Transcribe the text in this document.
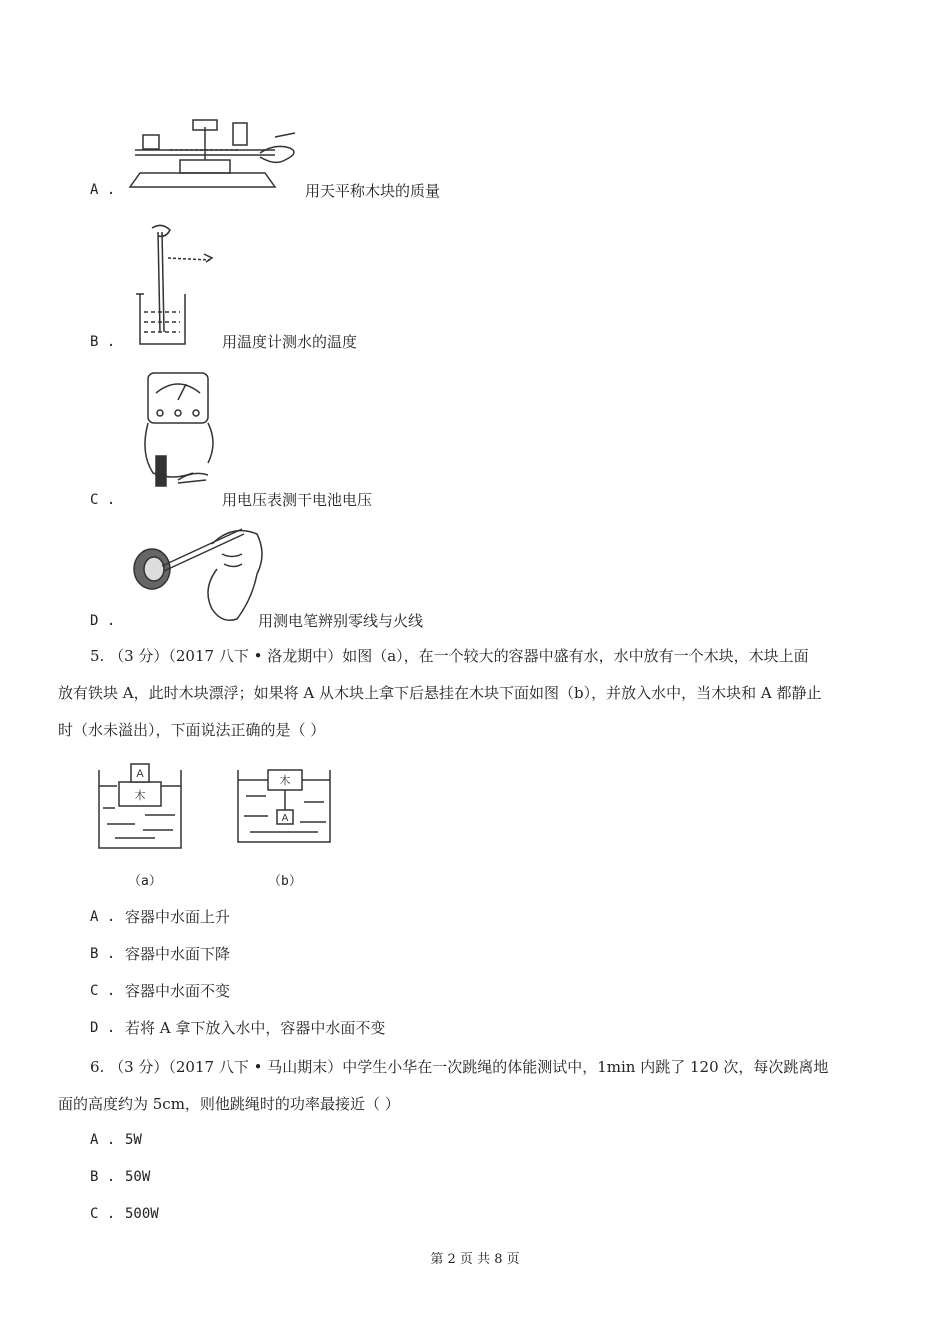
A .	用天平称木块的质量
B .	用温度计测水的温度
C .	用电压表测干电池电压
D .	用测电笔辨别零线与火线
5. （3 分）（2017 八下 • 洛龙期中）如图（a），在一个较大的容器中盛有水，水中放有一个木块，木块上面
放有铁块 A，此时木块漂浮；如果将 A 从木块上拿下后悬挂在木块下面如图（b），并放入水中，当木块和 A 都静止
时（水未溢出），下面说法正确的是（ ）
A
木
（a）
木
A
（b）
A . 容器中水面上升
B . 容器中水面下降
C . 容器中水面不变
D . 若将 A 拿下放入水中，容器中水面不变
6. （3 分）（2017 八下 • 马山期末）中学生小华在一次跳绳的体能测试中，1min 内跳了 120 次，每次跳离地
面的高度约为 5cm，则他跳绳时的功率最接近（ ）
A . 5W
B . 50W
C . 500W
第 2 页 共 8 页
